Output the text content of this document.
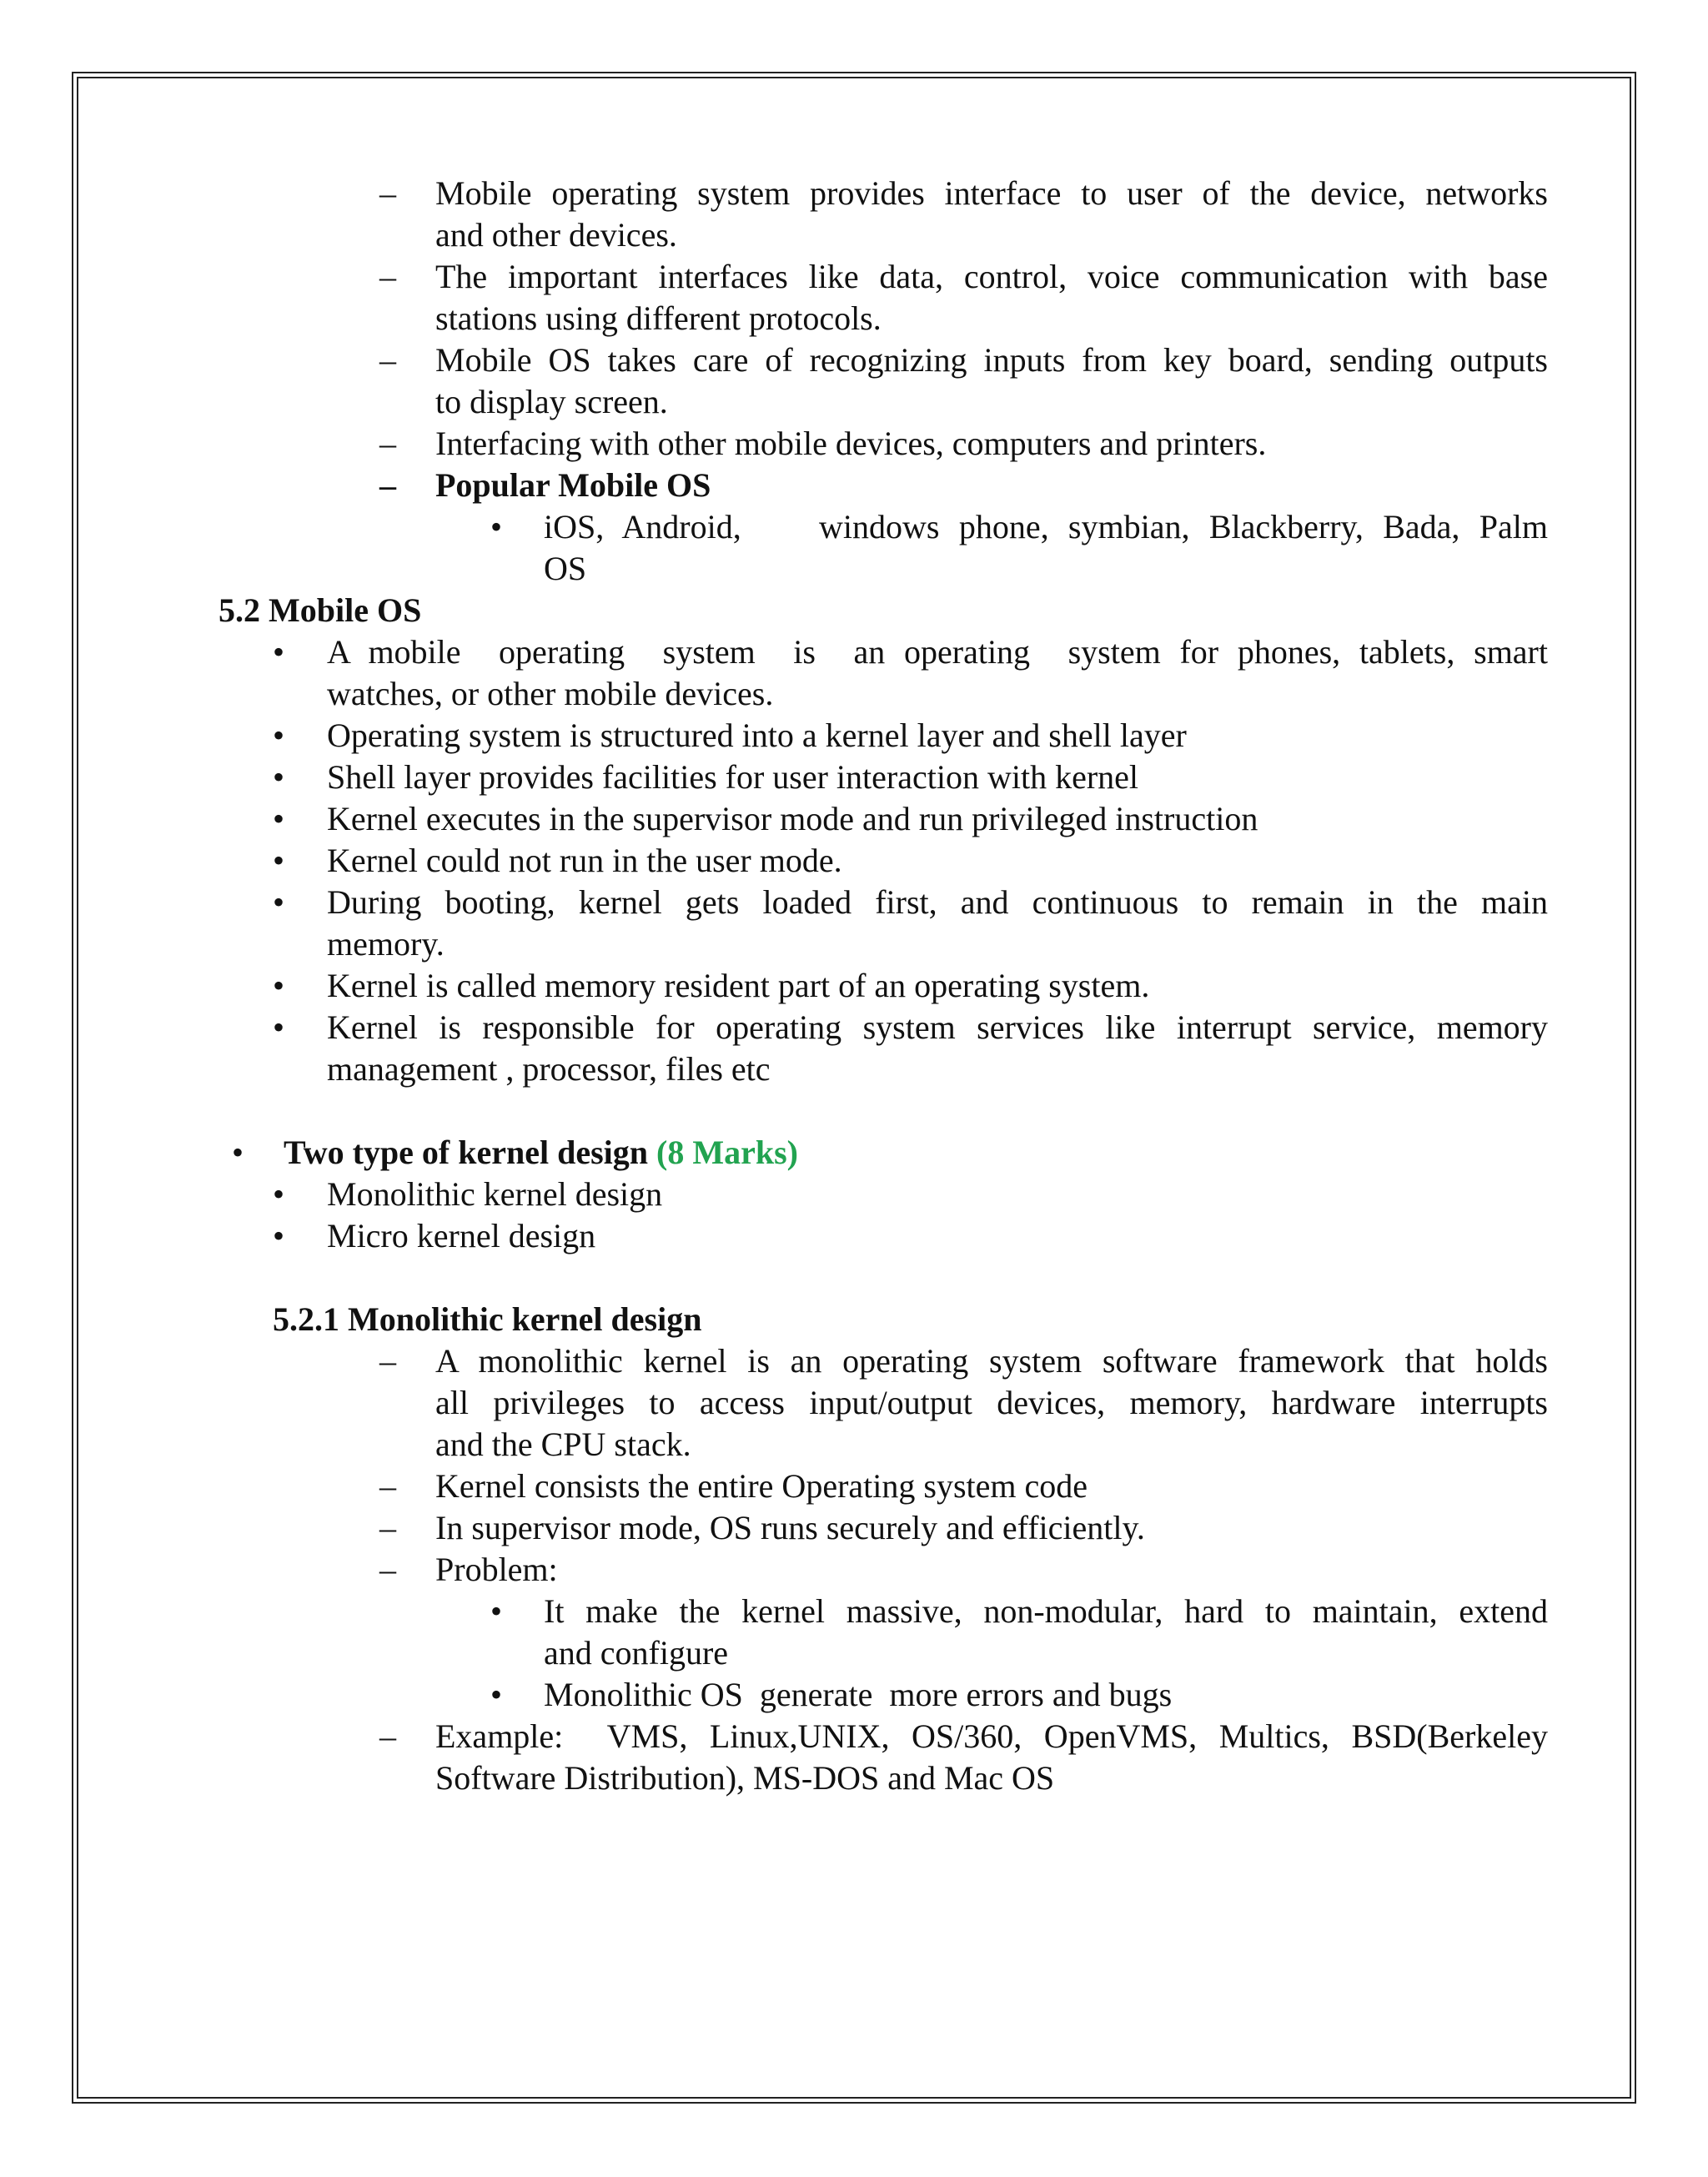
– Mobile operating system provides interface to user of the device, networks
and other devices.
– The important interfaces like data, control, voice communication with base
stations using different protocols.
– Mobile OS takes care of recognizing inputs from key board, sending outputs
to display screen.
– Interfacing with other mobile devices, computers and printers.
– Popular Mobile OS
• iOS, Android,    windows phone, symbian, Blackberry, Bada, Palm
OS
5.2 Mobile OS
• A mobile  operating  system  is  an operating  system for phones, tablets, smart
watches, or other mobile devices.
• Operating system is structured into a kernel layer and shell layer
• Shell layer provides facilities for user interaction with kernel
• Kernel executes in the supervisor mode and run privileged instruction
• Kernel could not run in the user mode.
• During booting, kernel gets loaded first, and continuous to remain in the main
memory.
• Kernel is called memory resident part of an operating system.
• Kernel is responsible for operating system services like interrupt service, memory
management , processor, files etc
• Two type of kernel design (8 Marks)
• Monolithic kernel design
• Micro kernel design
5.2.1 Monolithic kernel design
– A monolithic kernel is an operating system software framework that holds
all privileges to access input/output devices, memory, hardware interrupts
and the CPU stack.
– Kernel consists the entire Operating system code
– In supervisor mode, OS runs securely and efficiently.
– Problem:
• It make the kernel massive, non-modular, hard to maintain, extend
and configure
• Monolithic OS  generate  more errors and bugs
– Example:  VMS, Linux,UNIX, OS/360, OpenVMS, Multics, BSD(Berkeley
Software Distribution), MS-DOS and Mac OS
